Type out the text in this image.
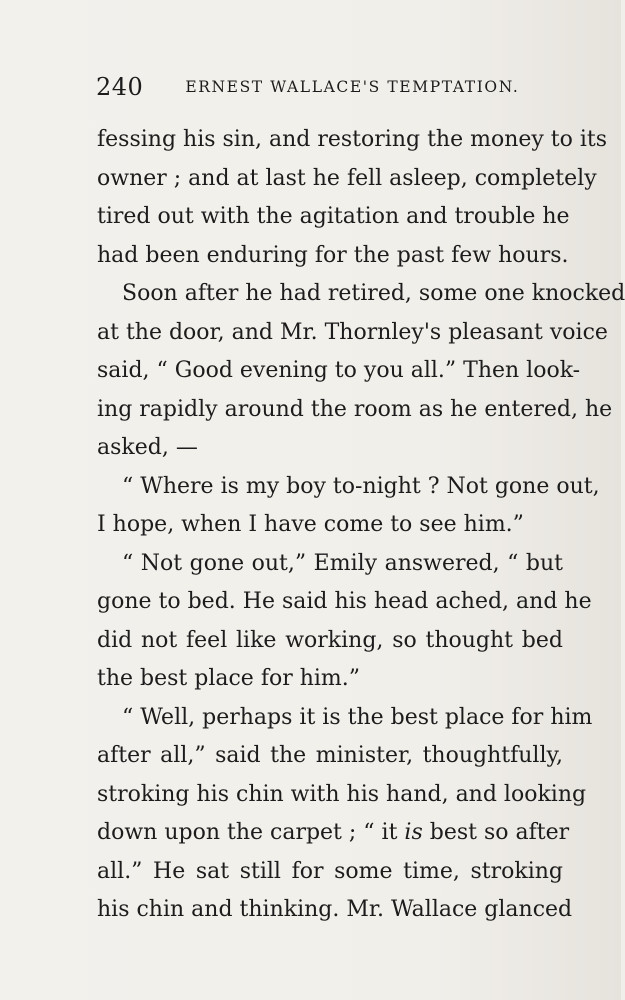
240	ERNEST WALLACE'S TEMPTATION.
fessing his sin, and restoring the money to its
owner ; and at last he fell asleep, completely
tired out with the agitation and trouble he
had been enduring for the past few hours.
Soon after he had retired, some one knocked
at the door, and Mr. Thornley's pleasant voice
said, “ Good evening to you all.” Then look-
ing rapidly around the room as he entered, he
asked, —
“ Where is my boy to-night ? Not gone out,
I hope, when I have come to see him.”
“ Not gone out,” Emily answered, “ but
gone to bed. He said his head ached, and he
did not feel like working, so thought bed
the best place for him.”
“ Well, perhaps it is the best place for him
after all,” said the minister, thoughtfully,
stroking his chin with his hand, and looking
down upon the carpet ; “ it is best so after
all.” He sat still for some time, stroking
his chin and thinking. Mr. Wallace glanced
